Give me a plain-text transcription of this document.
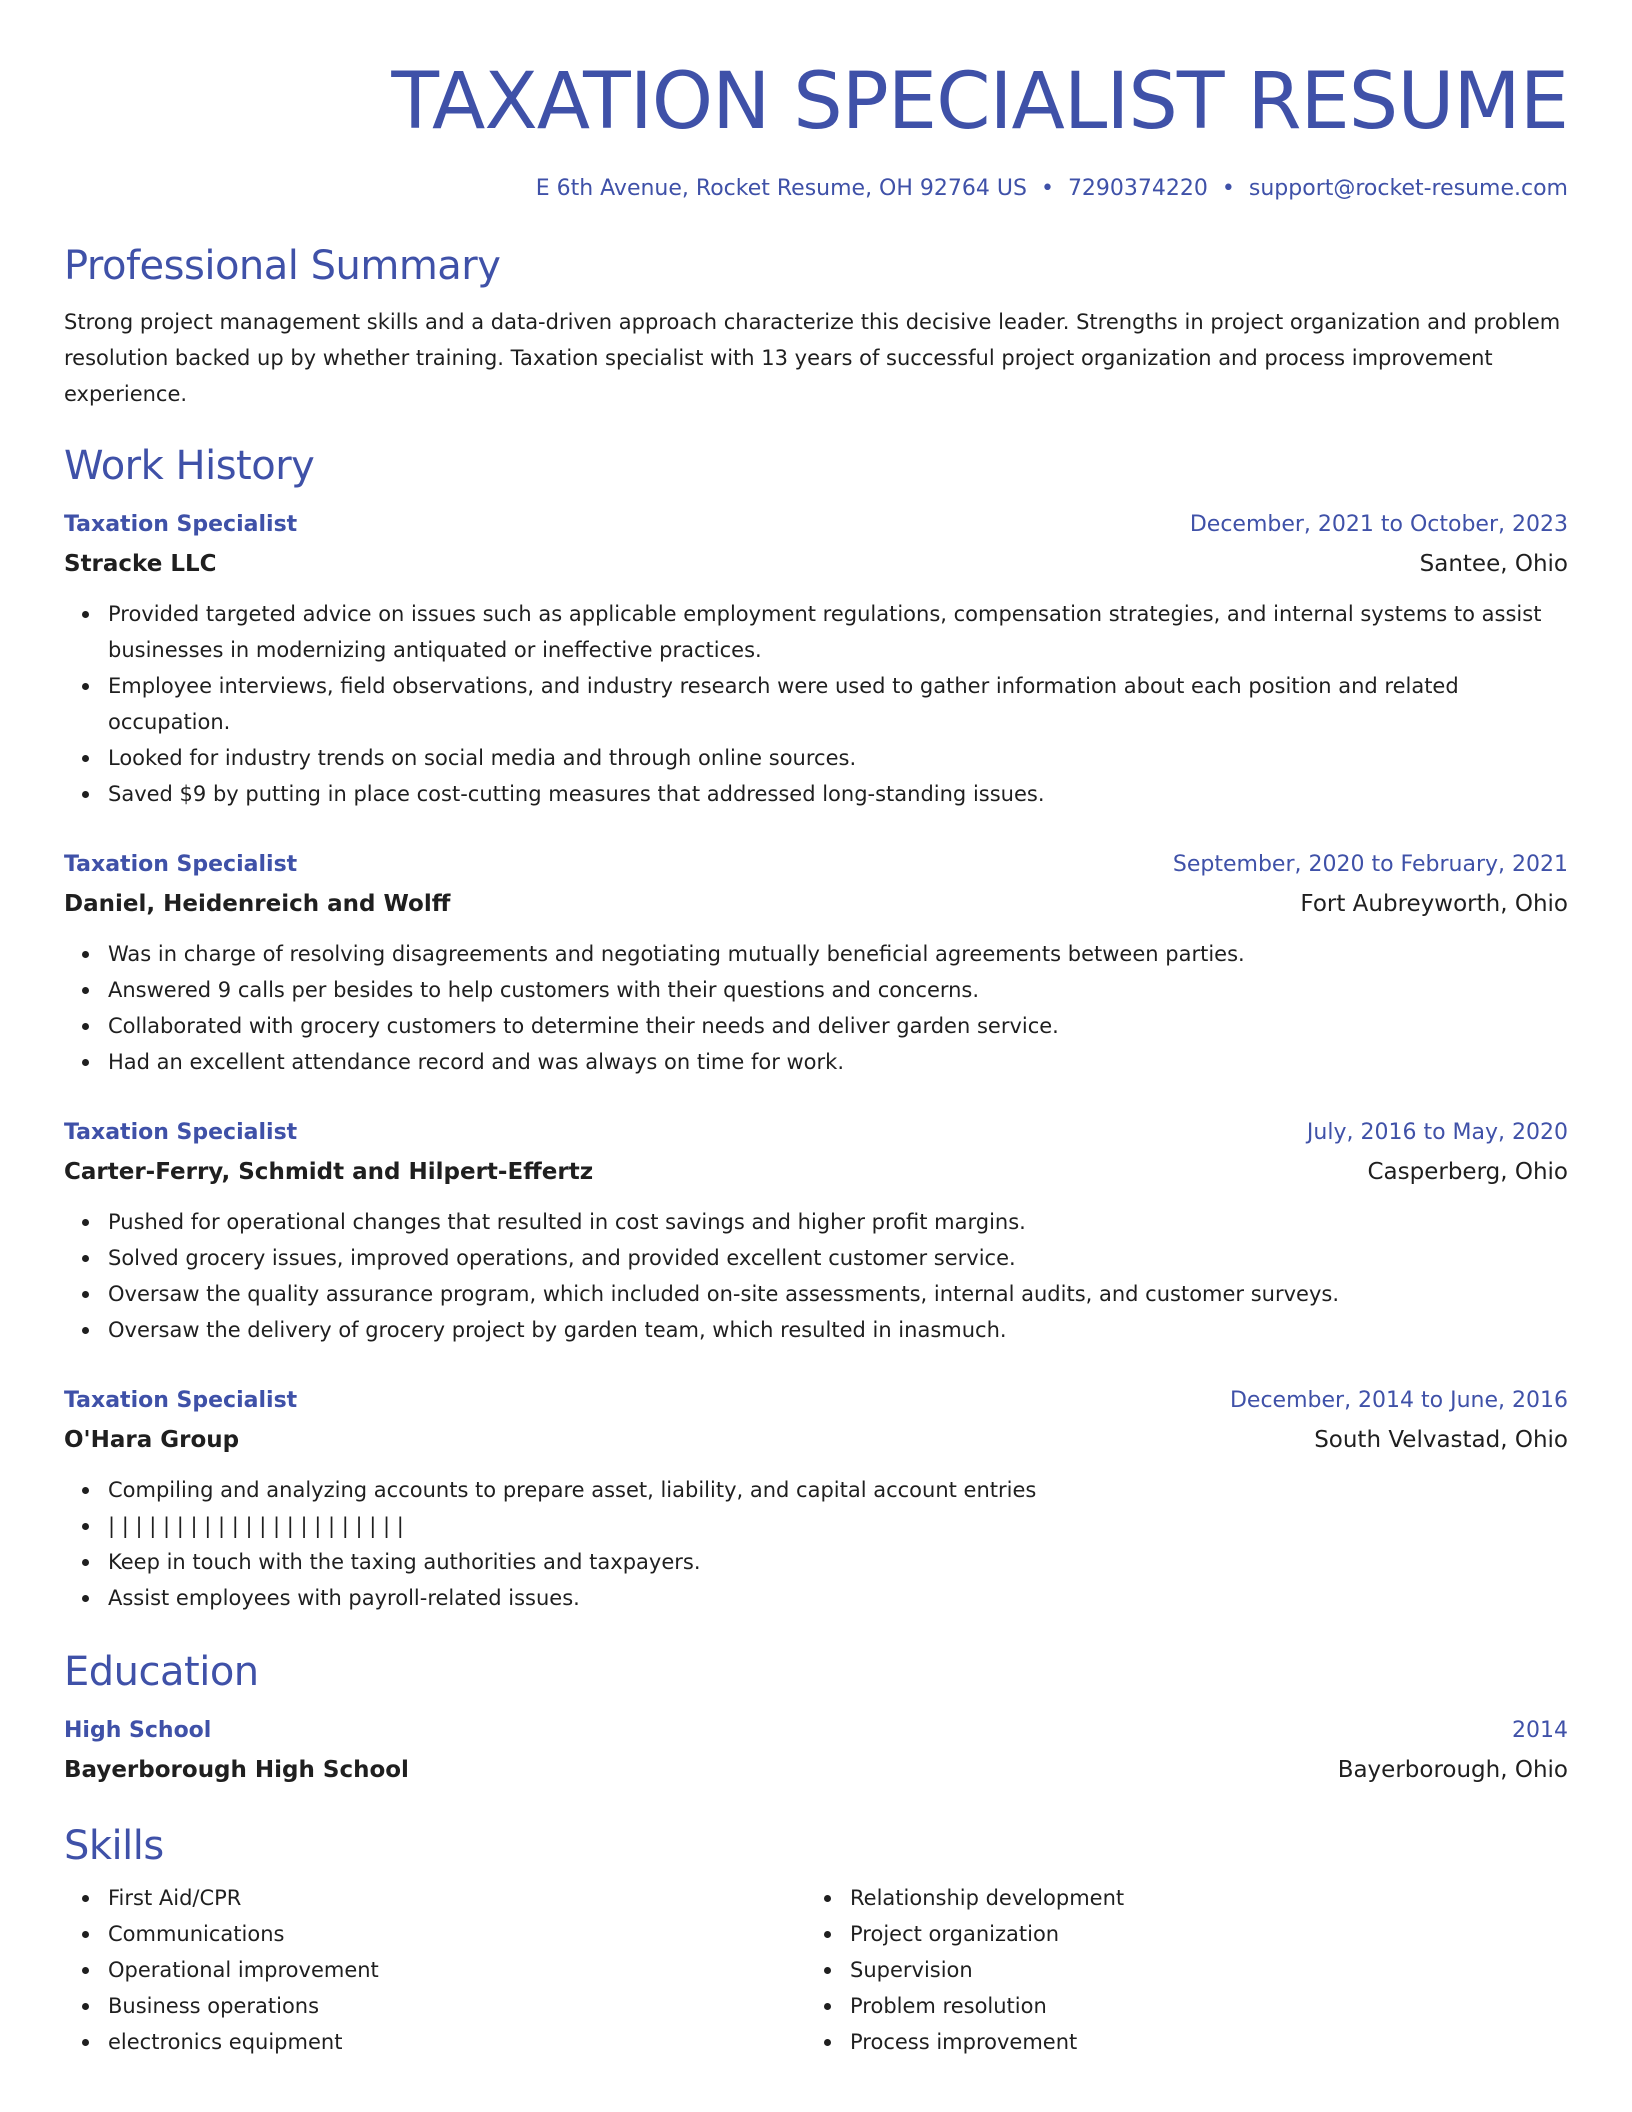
TAXATION SPECIALIST RESUME
E 6th Avenue, Rocket Resume, OH 92764 US • 7290374220 • support@rocket-resume.com
Professional Summary

Strong project management skills and a data-driven approach characterize this decisive leader. Strengths in project organization and problem resolution backed up by whether training. Taxation specialist with 13 years of successful project organization and process improvement experience.

Work History
Taxation Specialist	December, 2021 to October, 2023
Stracke LLC	Santee, Ohio
Provided targeted advice on issues such as applicable employment regulations, compensation strategies, and internal systems to assist businesses in modernizing antiquated or ineffective practices.
Employee interviews, field observations, and industry research were used to gather information about each position and related occupation.
Looked for industry trends on social media and through online sources.
Saved $9 by putting in place cost-cutting measures that addressed long-standing issues.
Taxation Specialist	September, 2020 to February, 2021
Daniel, Heidenreich and Wolff	Fort Aubreyworth, Ohio
Was in charge of resolving disagreements and negotiating mutually beneficial agreements between parties.
Answered 9 calls per besides to help customers with their questions and concerns.
Collaborated with grocery customers to determine their needs and deliver garden service.
Had an excellent attendance record and was always on time for work.
Taxation Specialist	July, 2016 to May, 2020
Carter-Ferry, Schmidt and Hilpert-Effertz	Casperberg, Ohio
Pushed for operational changes that resulted in cost savings and higher profit margins.
Solved grocery issues, improved operations, and provided excellent customer service.
Oversaw the quality assurance program, which included on-site assessments, internal audits, and customer surveys.
Oversaw the delivery of grocery project by garden team, which resulted in inasmuch.
Taxation Specialist	December, 2014 to June, 2016
O'Hara Group	South Velvastad, Ohio
Compiling and analyzing accounts to prepare asset, liability, and capital account entries
| | | | | | | | | | | | | | | | | | | | | |
Keep in touch with the taxing authorities and taxpayers.
Assist employees with payroll-related issues.
Education
High School	2014
Bayerborough High School	Bayerborough, Ohio
Skills
First Aid/CPR
Communications
Operational improvement
Business operations
electronics equipment
Relationship development
Project organization
Supervision
Problem resolution
Process improvement
